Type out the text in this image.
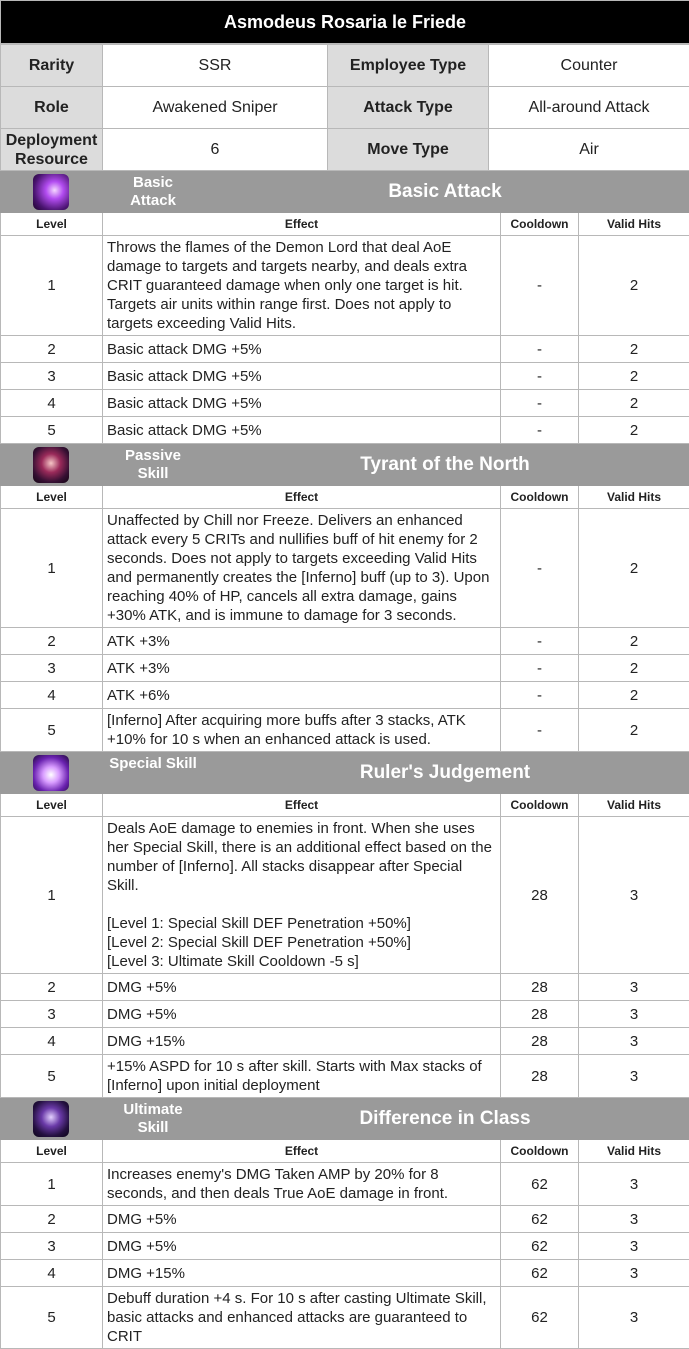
Asmodeus Rosaria le Friede
Rarity	SSR	Employee Type	Counter
Role	Awakened Sniper	Attack Type	All-around Attack
Deployment Resource	6	Move Type	Air
Basic Attack Basic Attack			

Level	Effect	Cooldown	Valid Hits
1	Throws the flames of the Demon Lord that deal AoE damage to targets and targets nearby, and deals extra CRIT guaranteed damage when only one target is hit. Targets air units within range first. Does not apply to targets exceeding Valid Hits.	-	2
2	Basic attack DMG +5%	-	2
3	Basic attack DMG +5%	-	2
4	Basic attack DMG +5%	-	2
5	Basic attack DMG +5%	-	2
Passive Skill Tyrant of the North			

Level	Effect	Cooldown	Valid Hits
1	Unaffected by Chill nor Freeze. Delivers an enhanced attack every 5 CRITs and nullifies buff of hit enemy for 2 seconds. Does not apply to targets exceeding Valid Hits and permanently creates the [Inferno] buff (up to 3). Upon reaching 40% of HP, cancels all extra damage, gains +30% ATK, and is immune to damage for 3 seconds.	-	2
2	ATK +3%	-	2
3	ATK +3%	-	2
4	ATK +6%	-	2
5	[Inferno] After acquiring more buffs after 3 stacks, ATK +10% for 10 s when an enhanced attack is used.	-	2
Special Skill Ruler's Judgement			

Level	Effect	Cooldown	Valid Hits
1	Deals AoE damage to enemies in front. When she uses her Special Skill, there is an additional effect based on the number of [Inferno]. All stacks disappear after Special Skill.
[Level 1: Special Skill DEF Penetration +50%]
[Level 2: Special Skill DEF Penetration +50%]
[Level 3: Ultimate Skill Cooldown -5 s]	28	3
2	DMG +5%	28	3
3	DMG +5%	28	3
4	DMG +15%	28	3
5	+15% ASPD for 10 s after skill. Starts with Max stacks of [Inferno] upon initial deployment	28	3
Ultimate Skill Difference in Class			

Level	Effect	Cooldown	Valid Hits
1	Increases enemy's DMG Taken AMP by 20% for 8 seconds, and then deals True AoE damage in front.	62	3
2	DMG +5%	62	3
3	DMG +5%	62	3
4	DMG +15%	62	3
5	Debuff duration +4 s. For 10 s after casting Ultimate Skill, basic attacks and enhanced attacks are guaranteed to CRIT	62	3
